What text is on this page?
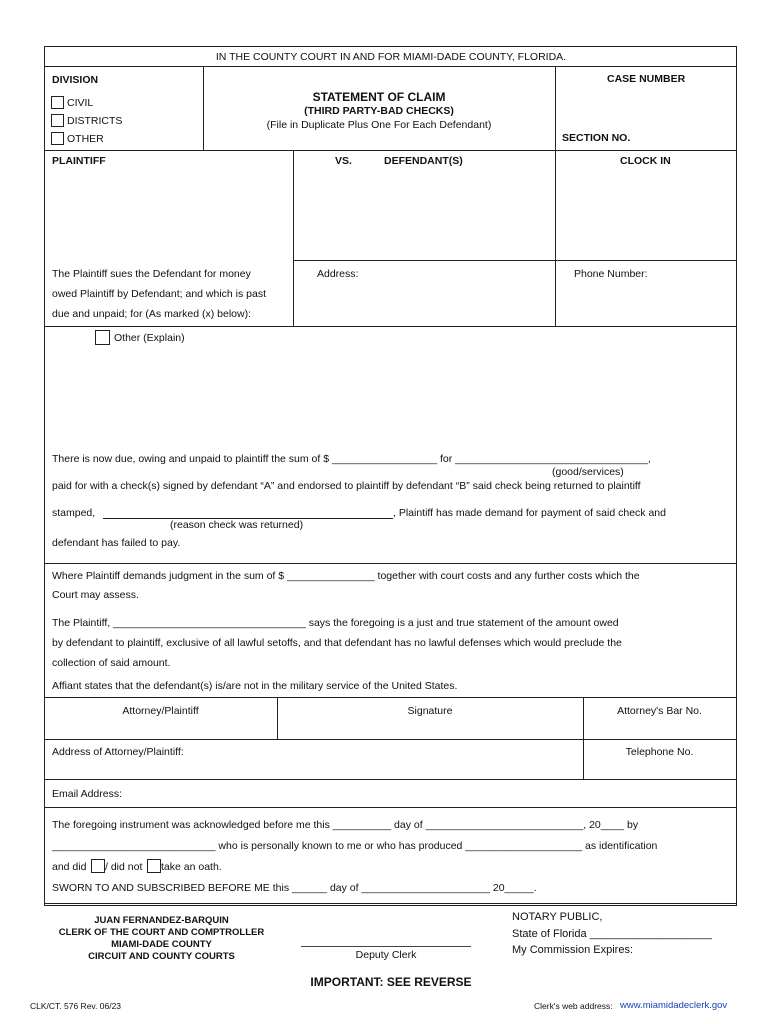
IN THE COUNTY COURT IN AND FOR MIAMI-DADE COUNTY, FLORIDA.
DIVISION
CIVIL
DISTRICTS
OTHER
STATEMENT OF CLAIM
(THIRD PARTY-BAD CHECKS)
(File in Duplicate Plus One For Each Defendant)
CASE NUMBER
SECTION NO.
PLAINTIFF	VS.	DEFENDANT(S)	CLOCK IN
The Plaintiff sues the Defendant for money
owed Plaintiff by Defendant; and which is past
due and unpaid; for (As marked (x) below):
Address:	Phone Number:
Other (Explain)
There is now due, owing and unpaid to plaintiff the sum of $ __________________ for _________________________________,
(good/services)
paid for with a check(s) signed by defendant “A” and endorsed to plaintiff by defendant “B” said check being returned to plaintiff
stamped,	, Plaintiff has made demand for payment of said check and
(reason check was returned)
defendant has failed to pay.
Where Plaintiff demands judgment in the sum of $ _______________ together with court costs and any further costs which the
Court may assess.
The Plaintiff, _________________________________ says the foregoing is a just and true statement of the amount owed
by defendant to plaintiff, exclusive of all lawful setoffs, and that defendant has no lawful defenses which would preclude the
collection of said amount.
Affiant states that the defendant(s) is/are not in the military service of the United States.
Attorney/Plaintiff	Signature	Attorney's Bar No.
Address of Attorney/Plaintiff:	Telephone No.
Email Address:
The foregoing instrument was acknowledged before me this __________ day of ___________________________, 20____ by
____________________________ who is personally known to me or who has produced ____________________ as identification
and did / did not take an oath.
SWORN TO AND SUBSCRIBED BEFORE ME this ______ day of ______________________ 20_____.
JUAN FERNANDEZ-BARQUIN
CLERK OF THE COURT AND COMPTROLLER
MIAMI-DADE COUNTY
CIRCUIT AND COUNTY COURTS	Deputy Clerk
NOTARY PUBLIC,
State of Florida ____________________
My Commission Expires:
IMPORTANT: SEE REVERSE
CLK/CT. 576 Rev. 06/23	Clerk's web address: www.miamidadeclerk.gov
